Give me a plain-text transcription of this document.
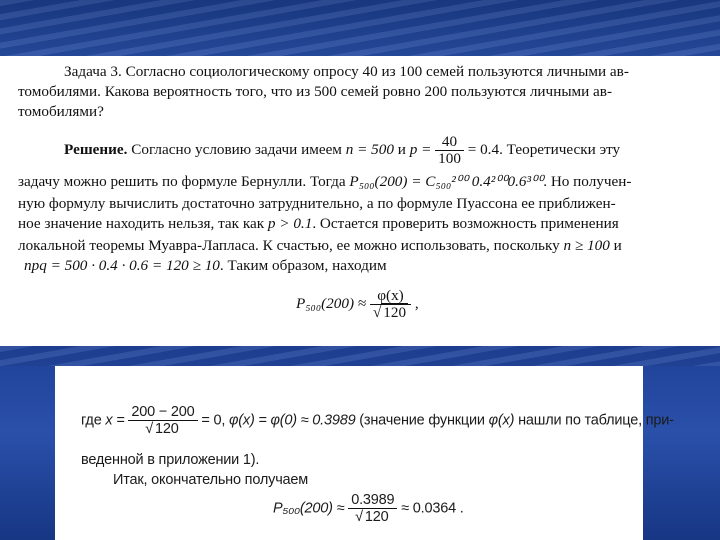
Задача 3. Согласно социологическому опросу 40 из 100 семей пользуются личными ав-
томобилями. Какова вероятность того, что из 500 семей ровно 200 пользуются личными ав-
томобилями?
Решение. Согласно условию задачи имеем n = 500 и $p = \frac{40}{100} = 0.4$. Теоретически эту
задачу можно решить по формуле Бернулли. Тогда P₅₀₀(200) = C₅₀₀²⁰⁰ 0.4²⁰⁰0.6³⁰⁰. Но получен-
ную формулу вычислить достаточно затруднительно, а по формуле Пуассона ее приближен-
ное значение находить нельзя, так как p > 0.1. Остается проверить возможность применения
локальной теоремы Муавра-Лапласа. К счастью, ее можно использовать, поскольку n ≥ 100 и
npq = 500 · 0.4 · 0.6 = 120 ≥ 10. Таким образом, находим
$P_{500}(200) \approx \frac{\varphi(x)}{√ 120}$ ,
где $x = \frac{200 - 200}{√ 120} = 0$, φ(x) = φ(0) ≈ 0.3989 (значение функции φ(x) нашли по таблице, при-
веденной в приложении 1).
Итак, окончательно получаем
$P_{500}(200) \approx \frac{0.3989}{√ 120} \approx 0.0364$ .
